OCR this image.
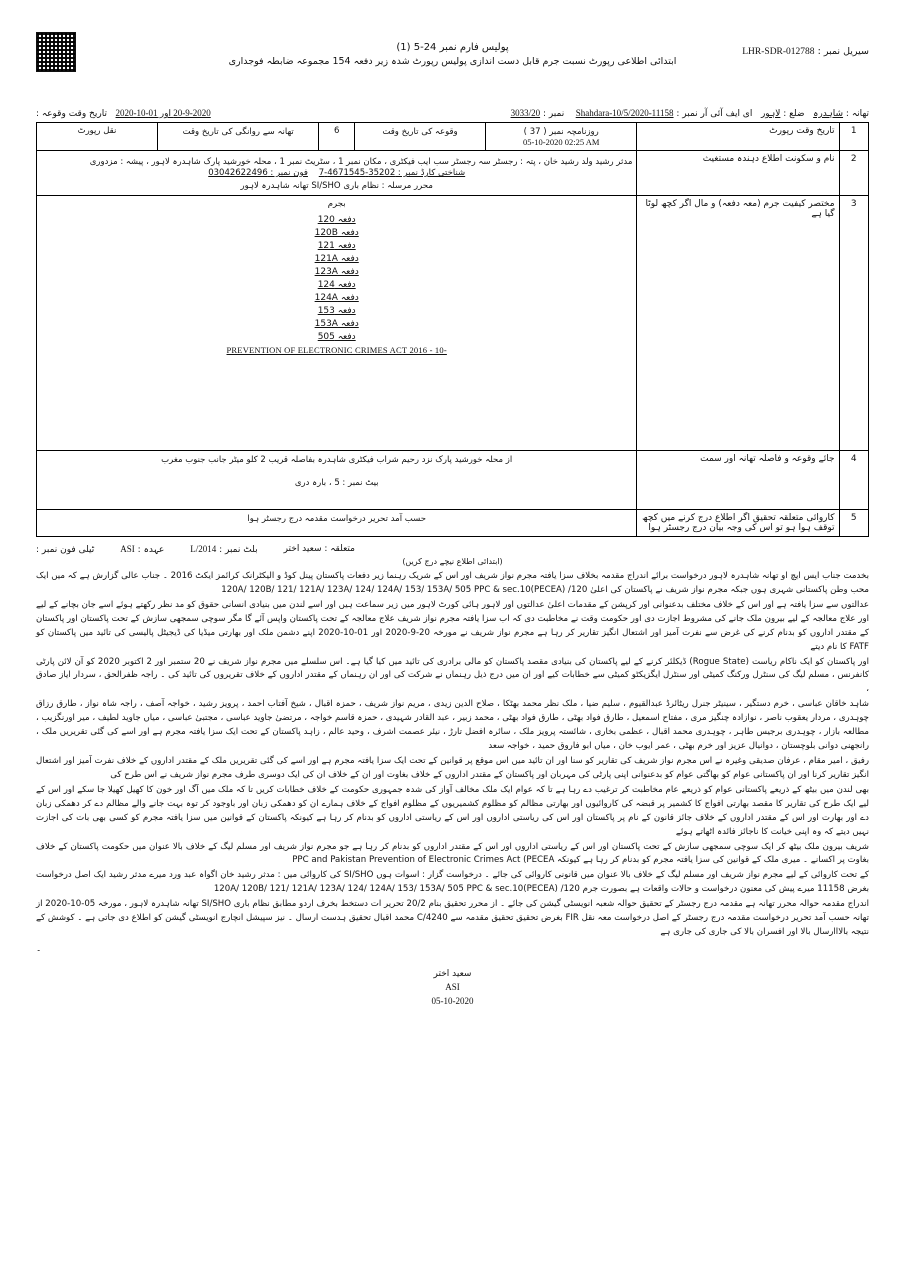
سیریل نمبر : LHR-SDR-012788
پولیس فارم نمبر 24-5 (1)
ابتدائی اطلاعی رپورٹ نسبت جرم قابل دست اندازی پولیس رپورٹ شدہ زیر دفعہ 154 مجموعہ ضابطہ فوجداری
تھانہ : شاہدرہ   ضلع : لاہور   ای ایف آئی آر نمبر : Shahdara-10/5/2020-11158    نمبر : 3033/20
20-9-2020 اور 01-10-2020   تاریخ وقت وقوعہ :
1	تاریخ وقت رپورٹ	روزنامچہ نمبر ( 37 )
05-10-2020 02:25 AM	وقوعہ کی تاریخ وقت	6	تھانہ سے روانگی کی تاریخ وقت	نقل رپورٹ
2	نام و سکونت اطلاع دہندہ مستغیث	مدثر رشید ولد رشید خان ، پتہ : رجسٹر سہ رجسٹر سب ایب فیکٹری ، مکان نمبر 1 ، سٹریٹ نمبر 1 ، محلہ خورشید پارک شاہدرہ لاہور ، پیشہ : مزدوری
شناختی کارڈ نمبر : 35202-4671545-7    فون نمبر : 03042622496
محرر مرسلہ : نظام باری SI/SHO تھانہ شاہدرہ لاہور				

3	مختصر کیفیت جرم (معہ دفعہ) و مال اگر کچھ لوٹا گیا ہے	
بجرم
دفعہ 120
دفعہ 120B
دفعہ 121
دفعہ 121A
دفعہ 123A
دفعہ 124
دفعہ 124A
دفعہ 153
دفعہ 153A
دفعہ 505
PREVENTION OF ELECTRONIC CRIMES ACT 2016 - 10-

4	جائے وقوعہ و فاصلہ تھانہ اور سمت	از محلہ خورشید پارک نزد رحیم شراب فیکٹری شاہدرہ بفاصلہ قریب 2 کلو میٹر جانب جنوب مغرب
بیٹ نمبر : 5 ، بارہ دری				

5	کاروائی متعلقہ تحقیق اگر اطلاع درج کرنے میں کچھ توقف ہوا ہو تو اس کی وجہ بیان درج رجسٹر ہوا	حسب آمد تحریر درخواست مقدمہ درج رجسٹر ہوا				
متعلقہ : سعید اختر
بلٹ نمبر : 2014/L
عہدہ : ASI
ٹیلی فون نمبر :
(ابتدائی اطلاع نیچے درج کریں)

بخدمت جناب ایس ایچ او تھانہ شاہدرہ لاہور درخواست برائے اندراج مقدمہ بخلاف سزا یافتہ مجرم نواز شریف اور اس کے شریک رہنما زیر دفعات پاکستان پینل کوڈ و الیکٹرانک کرائمز ایکٹ 2016 ۔ جناب عالی گزارش ہے کہ میں ایک محب وطن پاکستانی شہری ہوں جبکہ مجرم نواز شریف نے پاکستان کی اعلیٰ 120/ 120A/ 120B/ 121/ 121A/ 123A/ 124/ 124A/ 153/ 153A/ 505 PPC & sec.10(PECEA)

عدالتوں سے سزا یافتہ ہے اور اس کے خلاف مختلف بدعنوانی اور کرپشن کے مقدمات اعلیٰ عدالتوں اور لاہور ہائی کورٹ لاہور میں زیر سماعت ہیں اور اسے لندن میں بنیادی انسانی حقوق کو مد نظر رکھتے ہوئے اسے جان بچانے کے لیے اور علاج معالجہ کے لیے بیرون ملک جانے کی مشروط اجازت دی اور حکومت وقت نے مخاطبت دی کہ اب سزا یافتہ مجرم نواز شریف علاج معالجہ کے تحت پاکستان واپس آئے گا مگر سوچی سمجھی سازش کے تحت پاکستان اور پاکستان کے مقتدر اداروں کو بدنام کرنے کی غرض سے نفرت آمیز اور اشتعال انگیز تقاریر کر رہا ہے مجرم نواز شریف نے مورخہ 20-9-2020 اور 01-10-2020 اپنے دشمن ملک اور بھارتی میڈیا کی ڈیجیٹل پالیسی کی تائید میں پاکستان کو FATF کا نام دیتے

اور پاکستان کو ایک ناکام ریاست (Rogue State) ڈیکلئر کرنے کے لیے پاکستان کی بنیادی مقصد پاکستان کو مالی برادری کی تائید میں کیا گیا ہے۔ اس سلسلے میں مجرم نواز شریف نے 20 ستمبر اور 2 اکتوبر 2020 کو آن لائن پارٹی کانفرنس ، مسلم لیگ کی سنٹرل ورکنگ کمیٹی اور سنٹرل ایگزیکٹو کمیٹی سے خطابات کیے اور ان میں درج ذیل رہنماں نے شرکت کی اور ان رہنماں کے مقتدر اداروں کے خلاف تقریروں کی تائید کی ۔ راجہ ظفرالحق ، سردار ایاز صادق ،

شاہد خاقان عباسی ، خرم دستگیر ، سینیٹر جنرل ریٹائرڈ عبدالقیوم ، سلیم ضیا ، ملک نظر محمد بھٹکا ، صلاح الدین زیدی ، مریم نواز شریف ، حمزہ اقبال ، شیخ آفتاب احمد ، پرویز رشید ، خواجہ آصف ، راجہ شاہ نواز ، طارق رزاق چوہدری ، مردار یعقوب ناصر ، نوازادہ چنگیز مری ، مفتاح اسمعیل ، طارق فواد بھٹی ، طارق فواد بھٹی ، محمد زبیر ، عبد القادر شہیدی ، حمزہ قاسم خواجہ ، مرتضیٰ جاوید عباسی ، مجتبیٰ عباسی ، میاں جاوید لطیف ، میر اورنگزیب ، مطالعہ بازار ، چوہدری برجیس طاہر ، چوہدری محمد اقبال ، عظمی بخاری ، شائستہ پرویز ملک ، سائرہ افضل تارڑ ، نیئر عصمت اشرف ، وحید عالم ، زاہد پاکستان کے تحت ایک سزا یافتہ مجرم ہے اور اسے کی گئی تقریریں ملک ، رانجھنی دوانی بلوچستان ، دوانیال عزیز اور خرم بھٹی ، عمر ایوب خان ، میاں ابو فاروق حمید ، خواجہ سعد

رفیق ، امیر مقام ، عرفان صدیقی وغیرہ نے اس مجرم نواز شریف کی تقاریر کو سنا اور ان تائید میں اس موقع پر قوانین کے تحت ایک سزا یافتہ مجرم ہے اور اسے کی گئی تقریریں ملک کے مقتدر اداروں کے خلاف نفرت آمیز اور اشتعال انگیز تقاریر کرنا اور ان پاکستانی عوام کو بھاگتی عوام کو بدعنوانی اپنی پارٹی کی مہربان اور پاکستان کے مقتدر اداروں کے خلاف بغاوت اور ان کے خلاف ان کی ایک دوسری طرف مجرم نواز شریف نے اس طرح کی

بھی لندن میں بیٹھ کے ذریعے پاکستانی عوام کو ذریعے عام مخاطبت کر ترغیب دے رہا ہے تا کہ عوام ایک ملک مخالف آواز کی شدہ جمہوری حکومت کے خلاف خطابات کریں تا کہ ملک میں آگ اور خون کا کھیل کھیلا جا سکے اور اس کے لیے ایک طرح کی تقاریر کا مقصد بھارتی افواج کا کشمیر پر قبضہ کی کاروائیوں اور بھارتی مظالم کو مظلوم کشمیریوں کے مظلوم افواج کے خلاف ہمارے ان کو دھمکی زبان اور باوجود کر توہ بہت جانے والے مظالم دے کر دھمکی زبان دے اور بھارت اور اس کے مقتدر اداروں کے خلاف جائز قانون کے نام پر پاکستان اور اس کی ریاستی اداروں اور اس کے ریاستی اداروں کو بدنام کر رہا ہے کیونکہ پاکستان کے قوانین میں سزا یافتہ مجرم کو کسی بھی بات کی اجازت نہیں دیتے کہ وہ اپنی خیانت کا ناجائز فائدہ اٹھاتے ہوئے

شریف بیرون ملک بیٹھ کر ایک سوچی سمجھی سازش کے تحت پاکستان اور اس کے ریاستی اداروں اور اس کے مقتدر اداروں کو بدنام کر رہا ہے جو مجرم نواز شریف اور مسلم لیگ کے خلاف بالا عنوان میں حکومت پاکستان کے خلاف بغاوت پر اکسانے ۔ میری ملک کے قوانین کی سزا یافتہ مجرم کو بدنام کر رہا ہے کیونکہ PPC and Pakistan Prevention of Electronic Crimes Act (PECEA

کے تحت کاروائی کے لیے مجرم نواز شریف اور مسلم لیگ کے خلاف بالا عنوان میں قانونی کاروائی کی جائے ۔ درخواست گزار : اسوات ہوں SI/SHO کی کاروائی میں : مدثر رشید خان اگواہ عبد ورد میرے مدثر رشید ایک اصل درخواست بغرض 11158 میرے پیش کی معنون درخواست و حالات واقعات ہے بصورت جرم 120/ 120A/ 120B/ 121/ 121A/ 123A/ 124/ 124A/ 153/ 153A/ 505 PPC & sec.10(PECEA)

اندراج مقدمہ حوالہ محرر تھانہ ہے مقدمہ درج رجسٹر کے تحقیق حوالہ شعبہ انویسٹی گیشن کی جائے ۔ از محرر تحقیق بنام 20/2 تحریر ات دستخط بخرف اردو مطابق نظام باری SI/SHO تھانہ شاہدرہ لاہور ، مورخہ 05-10-2020 از تھانہ حسب آمد تحریر درخواست مقدمہ درج رجسٹر کے اصل درخواست معہ نقل FIR بغرض تحقیق تحقیق مقدمہ سے C/4240 محمد اقبال تحقیق ہدست ارسال ۔ نیز سپیشل انچارج انویسٹی گیشن کو اطلاع دی جاتی ہے ۔ کوشش کے نتیجہ بالااارسال بالا اور افسران بالا کی جاری کی جاری ہے

۔
سعید اختر
ASI
05-10-2020
